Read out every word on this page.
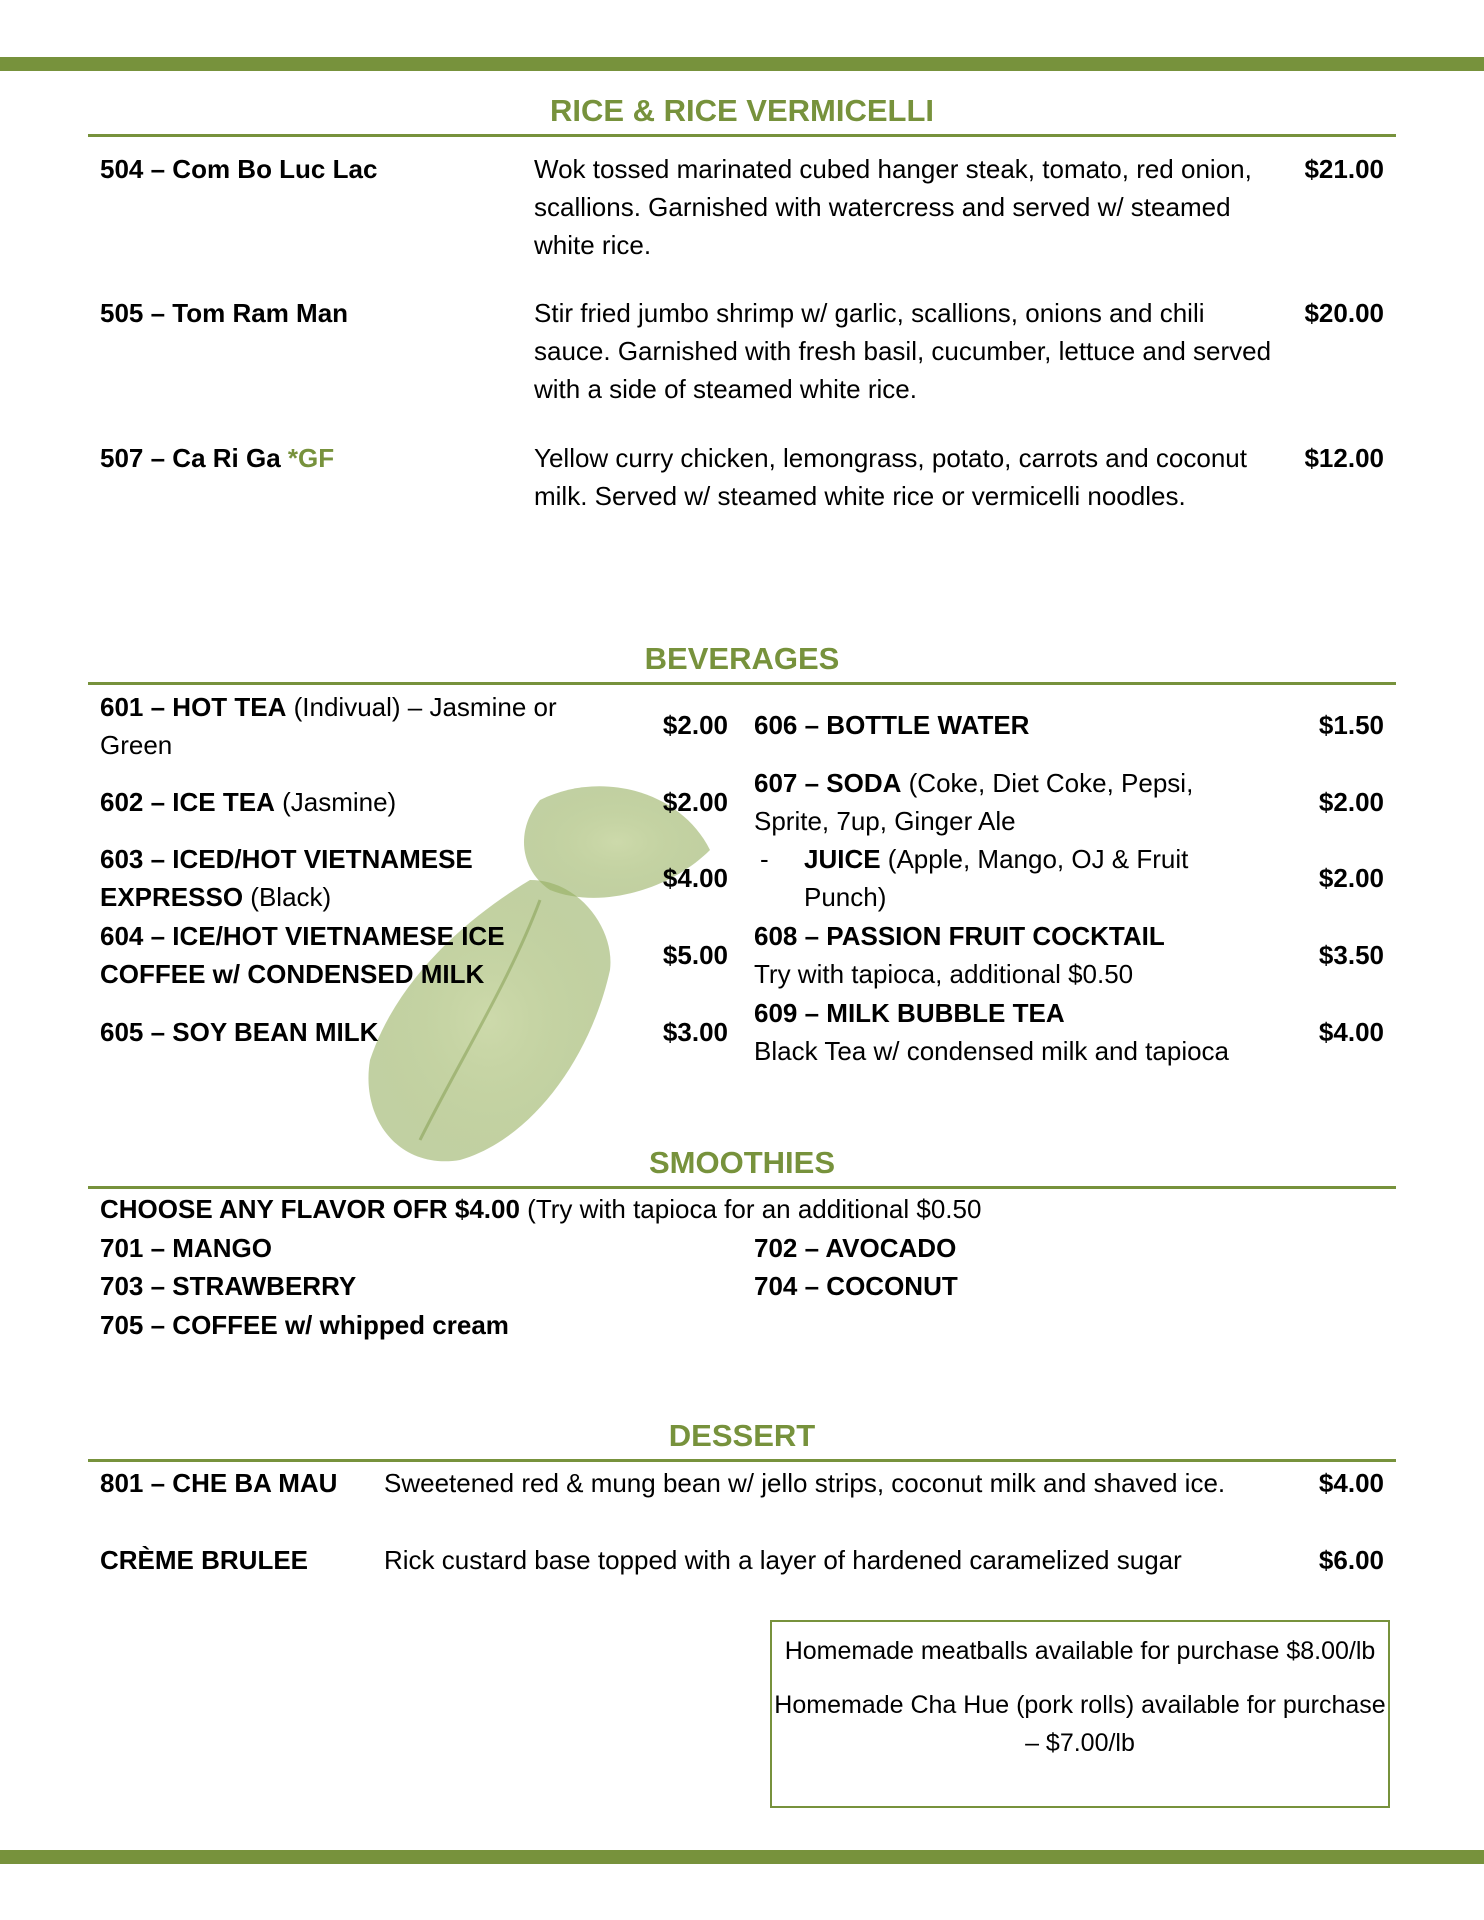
RICE & RICE VERMICELLI
504 – Com Bo Luc Lac	Wok tossed marinated cubed hanger steak, tomato, red onion, scallions. Garnished with watercress and served w/ steamed white rice.
$21.00
505 – Tom Ram Man	Stir fried jumbo shrimp w/ garlic, scallions, onions and chili sauce. Garnished with fresh basil, cucumber, lettuce and served with a side of steamed white rice.
$20.00
507 – Ca Ri Ga *GF	Yellow curry chicken, lemongrass, potato, carrots and coconut milk. Served w/ steamed white rice or vermicelli noodles.
$12.00
BEVERAGES
601 – HOT TEA (Indivual) – Jasmine or Green
$2.00
602 – ICE TEA (Jasmine)	$2.00
603 – ICED/HOT VIETNAMESE EXPRESSO (Black)
$4.00
604 – ICE/HOT VIETNAMESE ICE COFFEE w/ CONDENSED MILK
$5.00
605 – SOY BEAN MILK	$3.00
606 – BOTTLE WATER	$1.50
607 – SODA (Coke, Diet Coke, Pepsi, Sprite, 7up, Ginger Ale
$2.00
-	JUICE (Apple, Mango, OJ & Fruit Punch)
$2.00
608 – PASSION FRUIT COCKTAIL
Try with tapioca, additional $0.50
$3.50
609 – MILK BUBBLE TEA
Black Tea w/ condensed milk and tapioca
$4.00
SMOOTHIES
CHOOSE ANY FLAVOR OFR $4.00 (Try with tapioca for an additional $0.50
701 – MANGO	702 – AVOCADO
703 – STRAWBERRY	704 – COCONUT
705 – COFFEE w/ whipped cream
DESSERT
801 – CHE BA MAU Sweetened red & mung bean w/ jello strips, coconut milk and shaved ice.	$4.00
CRÈME BRULEE	Rick custard base topped with a layer of hardened caramelized sugar	$6.00

Homemade meatballs available for purchase $8.00/lb

Homemade Cha Hue (pork rolls) available for purchase – $7.00/lb
